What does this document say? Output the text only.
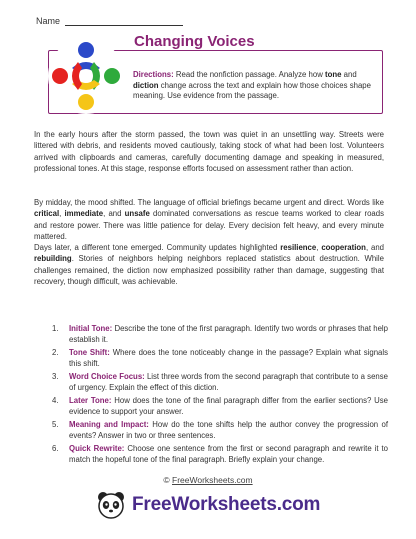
Name
Changing Voices
Directions: Read the nonfiction passage. Analyze how tone and diction change across the text and explain how those choices shape meaning. Use evidence from the passage.
In the early hours after the storm passed, the town was quiet in an unsettling way. Streets were littered with debris, and residents moved cautiously, taking stock of what had been lost. Volunteers arrived with clipboards and cameras, carefully documenting damage and speaking in measured, professional tones. At this stage, response efforts focused on assessment rather than action.
By midday, the mood shifted. The language of official briefings became urgent and direct. Words like critical, immediate, and unsafe dominated conversations as rescue teams worked to clear roads and restore power. There was little patience for delay. Every decision felt heavy, and every minute mattered.
Days later, a different tone emerged. Community updates highlighted resilience, cooperation, and rebuilding. Stories of neighbors helping neighbors replaced statistics about destruction. While challenges remained, the diction now emphasized possibility rather than damage, suggesting that recovery, though difficult, was achievable.
1. Initial Tone: Describe the tone of the first paragraph. Identify two words or phrases that help establish it.
2. Tone Shift: Where does the tone noticeably change in the passage? Explain what signals this shift.
3. Word Choice Focus: List three words from the second paragraph that contribute to a sense of urgency. Explain the effect of this diction.
4. Later Tone: How does the tone of the final paragraph differ from the earlier sections? Use evidence to support your answer.
5. Meaning and Impact: How do the tone shifts help the author convey the progression of events? Answer in two or three sentences.
6. Quick Rewrite: Choose one sentence from the first or second paragraph and rewrite it to match the hopeful tone of the final paragraph. Briefly explain your change.
© FreeWorksheets.com
FreeWorksheets.com
